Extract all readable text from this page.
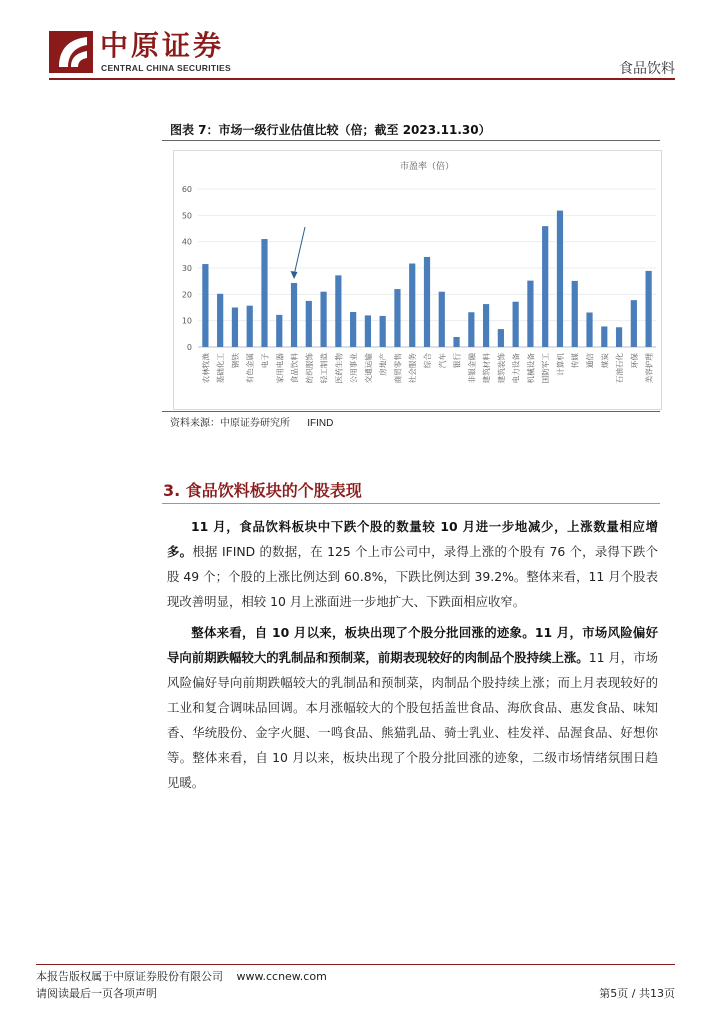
中原证券
CENTRAL CHINA SECURITIES	食品饮料
图表 7：市场一级行业估值比较（倍；截至 2023.11.30）
市盈率（倍）
0
10
20
30
40
50
60
农林牧渔 基础化工 钢铁 有色金属 电子 家用电器 食品饮料 纺织服饰 轻工制造 医药生物 公用事业 交通运输 房地产 商贸零售 社会服务 综合 汽车 银行 非银金融 建筑材料 建筑装饰 电力设备 机械设备 国防军工 计算机 传媒 通信 煤炭 石油石化 环保 美容护理
资料来源：中原证券研究所 IFIND
3. 食品饮料板块的个股表现
11 月，食品饮料板块中下跌个股的数量较 10 月进一步地减少，上涨数量相应增多。根据 IFIND 的数据，在 125 个上市公司中，录得上涨的个股有 76 个，录得下跌个股 49 个；个股的上涨比例达到 60.8%，下跌比例达到 39.2%。整体来看，11 月个股表现改善明显，相较 10 月上涨面进一步地扩大、下跌面相应收窄。
整体来看，自 10 月以来，板块出现了个股分批回涨的迹象。11 月，市场风险偏好导向前期跌幅较大的乳制品和预制菜，前期表现较好的肉制品个股持续上涨。11 月，市场风险偏好导向前期跌幅较大的乳制品和预制菜，肉制品个股持续上涨；而上月表现较好的工业和复合调味品回调。本月涨幅较大的个股包括盖世食品、海欣食品、惠发食品、味知香、华统股份、金字火腿、一鸣食品、熊猫乳品、骑士乳业、桂发祥、品渥食品、好想你等。整体来看，自 10 月以来，板块出现了个股分批回涨的迹象，二级市场情绪氛围日趋见暖。
本报告版权属于中原证券股份有限公司 www.ccnew.com
请阅读最后一页各项声明	第5页 / 共13页
